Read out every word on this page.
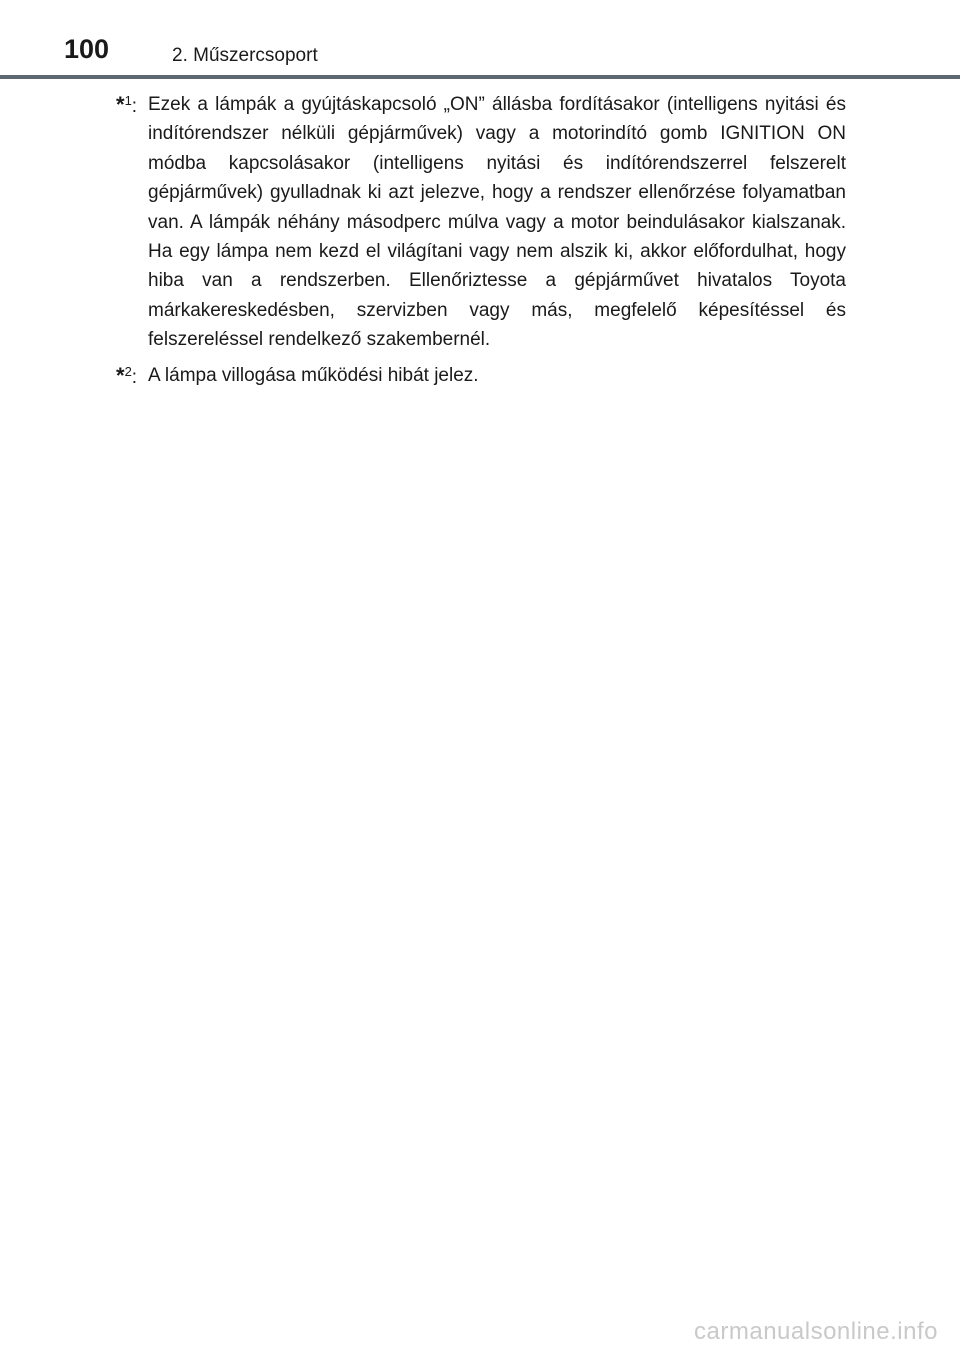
100	2. Műszercsoport
*$^1$: Ezek a lámpák a gyújtáskapcsoló „ON” állásba fordításakor (intelligens nyitási és indítórendszer nélküli gépjárművek) vagy a motorindító gomb IGNITION ON módba kapcsolásakor (intelligens nyitási és indítórendszerrel felszerelt gépjárművek) gyulladnak ki azt jelezve, hogy a rendszer ellenőrzése folyamatban van. A lámpák néhány másodperc múlva vagy a motor beindulásakor kialszanak. Ha egy lámpa nem kezd el világítani vagy nem alszik ki, akkor előfordulhat, hogy hiba van a rendszerben. Ellenőriztesse a gépjárművet hivatalos Toyota márkakereskedésben, szervizben vagy más, megfelelő képesítéssel és felszereléssel rendelkező szakembernél.

*$^2$: A lámpa villogása működési hibát jelez.

carmanualsonline.info
